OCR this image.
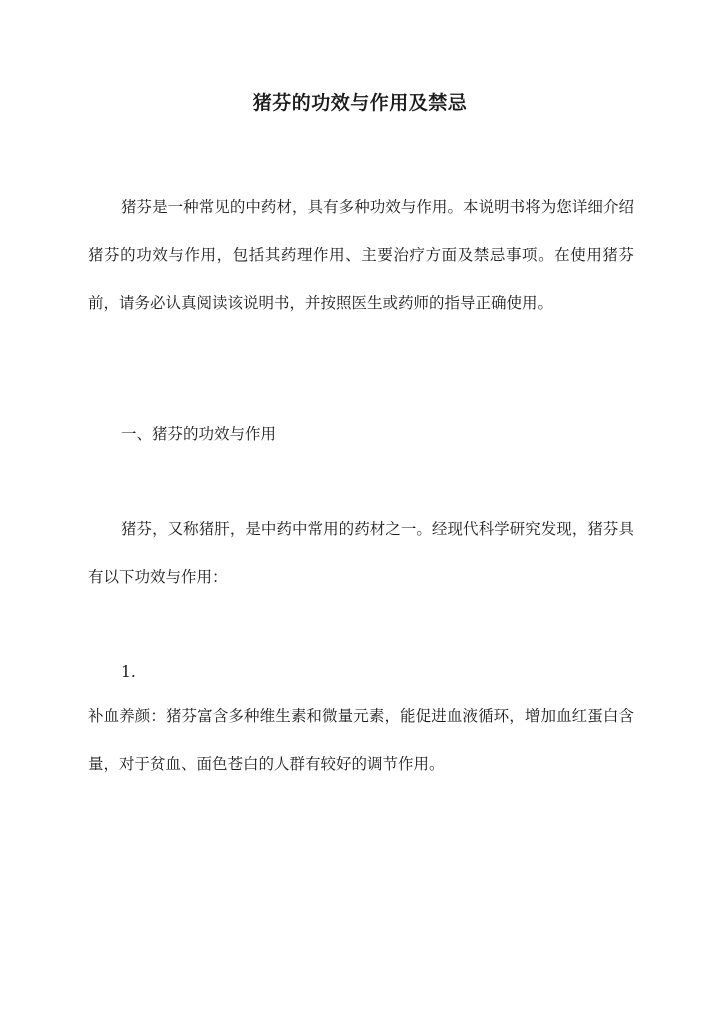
猪芬的功效与作用及禁忌

猪芬是一种常见的中药材，具有多种功效与作用。本说明书将为您详细介绍猪芬的功效与作用，包括其药理作用、主要治疗方面及禁忌事项。在使用猪芬前，请务必认真阅读该说明书，并按照医生或药师的指导正确使用。

一、猪芬的功效与作用

猪芬，又称猪肝，是中药中常用的药材之一。经现代科学研究发现，猪芬具有以下功效与作用：

1.

补血养颜：猪芬富含多种维生素和微量元素，能促进血液循环，增加血红蛋白含量，对于贫血、面色苍白的人群有较好的调节作用。
